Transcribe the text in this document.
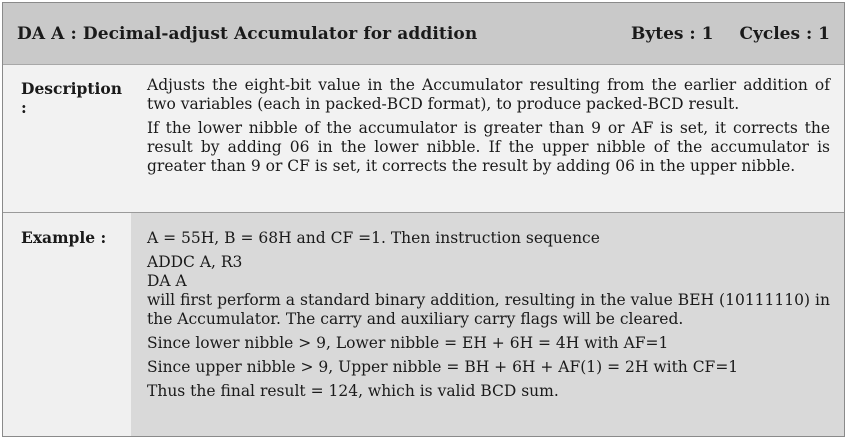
DA A : Decimal-adjust Accumulator for addition	Bytes : 1 Cycles : 1
Description :

Adjusts the eight-bit value in the Accumulator resulting from the earlier addition of two variables (each in packed-BCD format), to produce packed-BCD result.

If the lower nibble of the accumulator is greater than 9 or AF is set, it corrects the result by adding 06 in the lower nibble. If the upper nibble of the accumulator is greater than 9 or CF is set, it corrects the result by adding 06 in the upper nibble.

Example :	A = 55H, B = 68H and CF =1. Then instruction sequence

ADDC A, R3

DA A

will first perform a standard binary addition, resulting in the value BEH (10111110) in the Accumulator. The carry and auxiliary carry flags will be cleared.

Since lower nibble > 9, Lower nibble = EH + 6H = 4H with AF=1

Since upper nibble > 9, Upper nibble = BH + 6H + AF(1) = 2H with CF=1

Thus the final result = 124, which is valid BCD sum.
